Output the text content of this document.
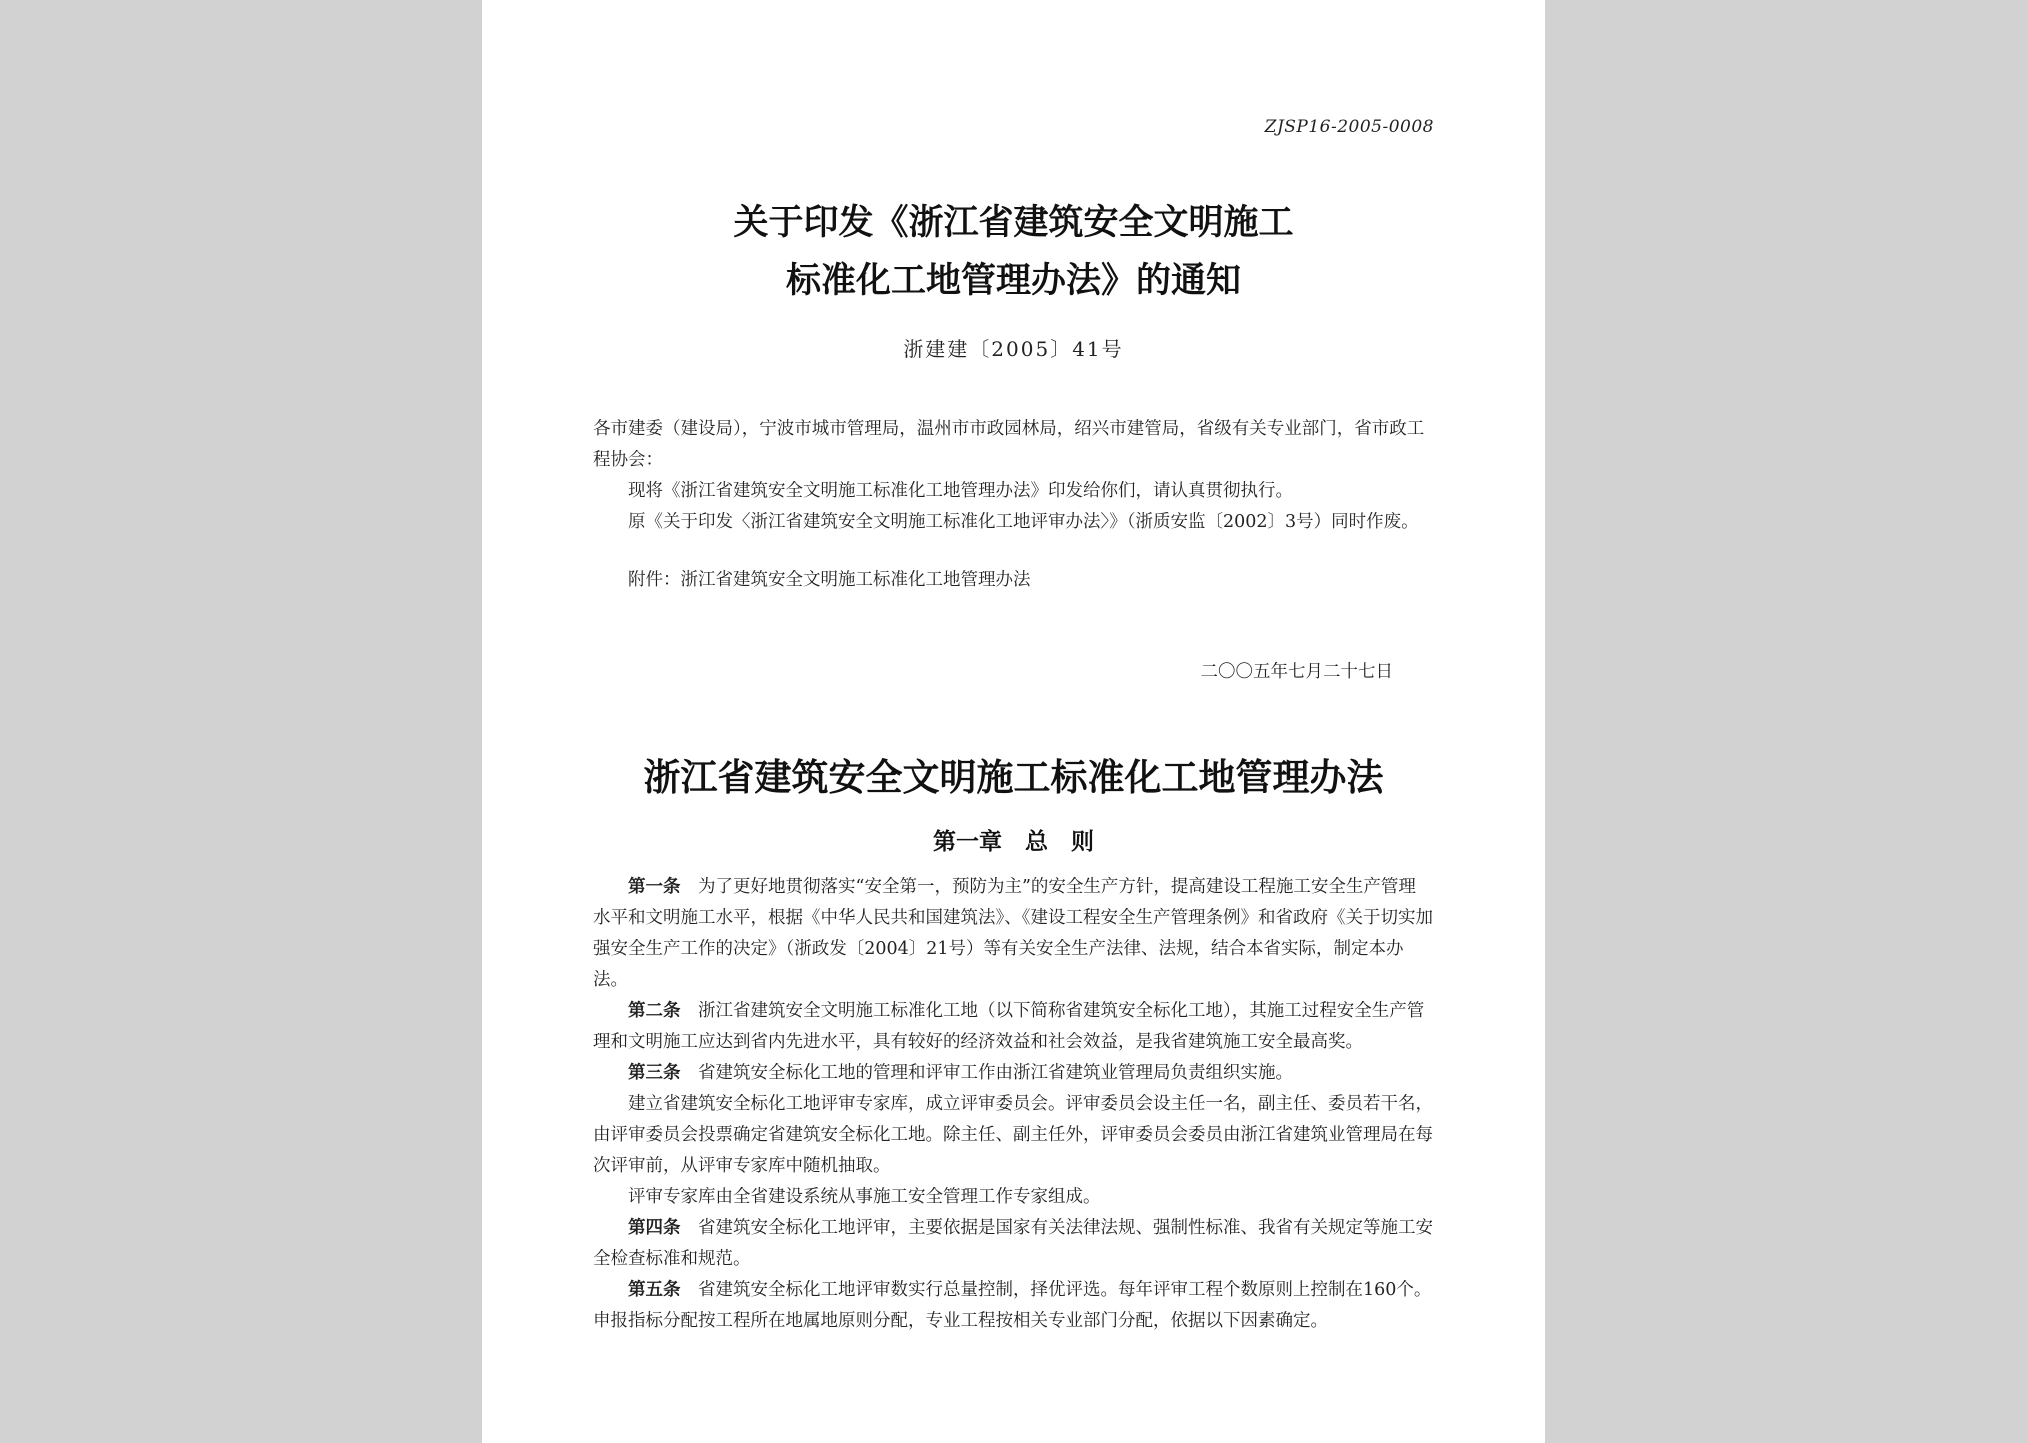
ZJSP16-2005-0008
关于印发《浙江省建筑安全文明施工
标准化工地管理办法》的通知
浙建建〔2005〕41号

各市建委（建设局），宁波市城市管理局，温州市市政园林局，绍兴市建管局，省级有关专业部门，省市政工程协会：

现将《浙江省建筑安全文明施工标准化工地管理办法》印发给你们，请认真贯彻执行。

原《关于印发〈浙江省建筑安全文明施工标准化工地评审办法〉》（浙质安监〔2002〕3号）同时作废。

附件：浙江省建筑安全文明施工标准化工地管理办法

二〇〇五年七月二十七日
浙江省建筑安全文明施工标准化工地管理办法
第一章　总　则

第一条 为了更好地贯彻落实“安全第一，预防为主”的安全生产方针，提高建设工程施工安全生产管理水平和文明施工水平，根据《中华人民共和国建筑法》、《建设工程安全生产管理条例》和省政府《关于切实加强安全生产工作的决定》（浙政发〔2004〕21号）等有关安全生产法律、法规，结合本省实际，制定本办法。

第二条 浙江省建筑安全文明施工标准化工地（以下简称省建筑安全标化工地），其施工过程安全生产管理和文明施工应达到省内先进水平，具有较好的经济效益和社会效益，是我省建筑施工安全最高奖。

第三条 省建筑安全标化工地的管理和评审工作由浙江省建筑业管理局负责组织实施。

建立省建筑安全标化工地评审专家库，成立评审委员会。评审委员会设主任一名，副主任、委员若干名，由评审委员会投票确定省建筑安全标化工地。除主任、副主任外，评审委员会委员由浙江省建筑业管理局在每次评审前，从评审专家库中随机抽取。

评审专家库由全省建设系统从事施工安全管理工作专家组成。

第四条 省建筑安全标化工地评审，主要依据是国家有关法律法规、强制性标准、我省有关规定等施工安全检查标准和规范。

第五条 省建筑安全标化工地评审数实行总量控制，择优评选。每年评审工程个数原则上控制在160个。申报指标分配按工程所在地属地原则分配，专业工程按相关专业部门分配，依据以下因素确定。
